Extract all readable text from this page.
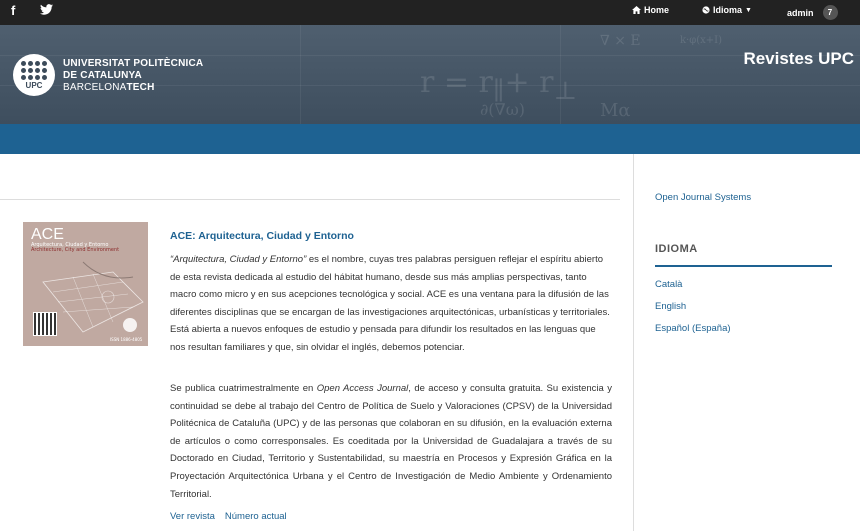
f	Home	Idioma ▼	admin	7
$r = r_\parallel+ r_\perp$
∂(∇ω)
∇ × E	k·φ(x+I)
Mα
UPC
UNIVERSITAT POLITÈCNICA
DE CATALUNYA
BARCELONATECH
Revistes UPC
ACE
Arquitectura, Ciudad y Entorno
Architecture, City and Environment
ISSN 1886-4805
ACE: Arquitectura, Ciudad y Entorno
“Arquitectura, Ciudad y Entorno” es el nombre, cuyas tres palabras persiguen reflejar el espíritu abierto de esta revista dedicada al estudio del hábitat humano, desde sus más amplias perspectivas, tanto macro como micro y en sus acepciones tecnológica y social. ACE es una ventana para la difusión de las diferentes disciplinas que se encargan de las investigaciones arquitectónicas, urbanísticas y territoriales. Está abierta a nuevos enfoques de estudio y pensada para difundir los resultados en las lenguas que nos resultan familiares y que, sin olvidar el inglés, debemos potenciar.
Se publica cuatrimestralmente en Open Access Journal, de acceso y consulta gratuita. Su existencia y continuidad se debe al trabajo del Centro de Política de Suelo y Valoraciones (CPSV) de la Universidad Politécnica de Cataluña (UPC) y de las personas que colaboran en su difusión, en la evaluación externa de artículos o como corresponsales. Es coeditada por la Universidad de Guadalajara a través de su Doctorado en Ciudad, Territorio y Sustentabilidad, su maestría en Procesos y Expresión Gráfica en la Proyectación Arquitectónica Urbana y el Centro de Investigación de Medio Ambiente y Ordenamiento Territorial.
Ver revista Número actual
Open Journal Systems
IDIOMA
Català
English
Español (España)
